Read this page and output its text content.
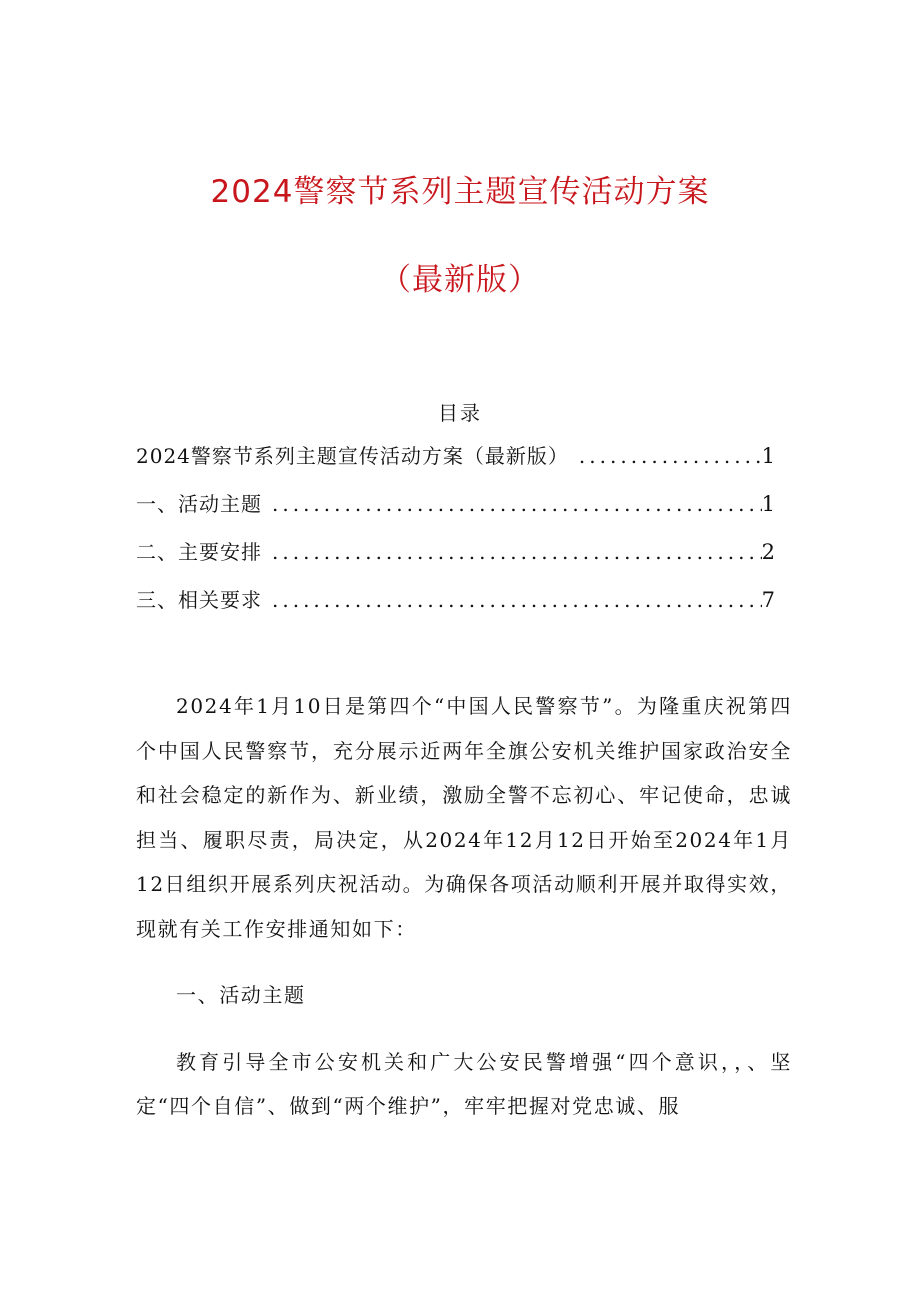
2024警察节系列主题宣传活动方案
（最新版）
目录
2024警察节系列主题宣传活动方案（最新版） .....	1
一、活动主题 .....	1
二、主要安排 .....	2
三、相关要求 .....	7

2024年1月10日是第四个“中国人民警察节”。为隆重庆祝第四个中国人民警察节，充分展示近两年全旗公安机关维护国家政治安全和社会稳定的新作为、新业绩，激励全警不忘初心、牢记使命，忠诚担当、履职尽责，局决定，从2024年12月12日开始至2024年1月12日组织开展系列庆祝活动。为确保各项活动顺利开展并取得实效，现就有关工作安排通知如下：

一、活动主题

教育引导全市公安机关和广大公安民警增强“四个意识，，、坚定“四个自信”、做到“两个维护”，牢牢把握对党忠诚、服
